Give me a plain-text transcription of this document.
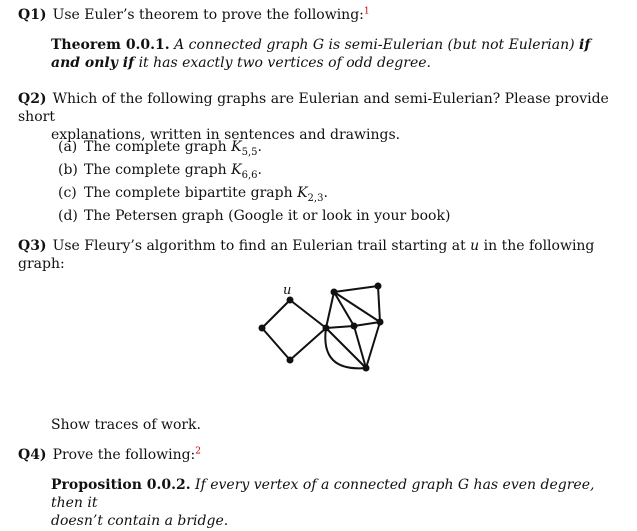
Q1) Use Euler’s theorem to prove the following:$^1$
Theorem 0.0.1. A connected graph G is semi-Eulerian (but not Eulerian) if and only if it has exactly two vertices of odd degree.
Q2) Which of the following graphs are Eulerian and semi-Eulerian? Please provide short
explanations, written in sentences and drawings.
(a) The complete graph $K_{5,5}$.
(b) The complete graph $K_{6,6}$.
(c) The complete bipartite graph $K_{2,3}$.
(d) The Petersen graph (Google it or look in your book)
Q3) Use Fleury’s algorithm to find an Eulerian trail starting at u in the following graph:
u
Show traces of work.
Q4) Prove the following:$^2$
Proposition 0.0.2. If every vertex of a connected graph G has even degree, then it
doesn’t contain a bridge.
